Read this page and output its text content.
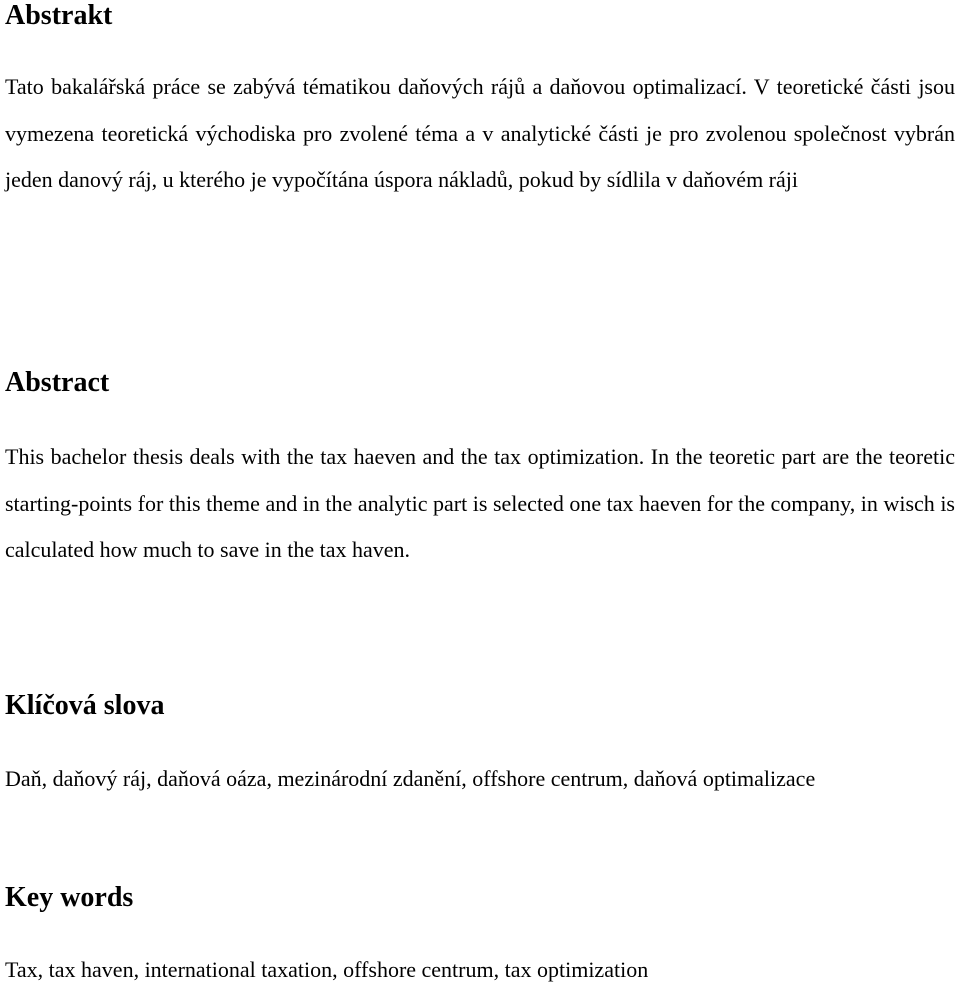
Abstrakt

Tato bakalářská práce se zabývá tématikou daňových rájů a daňovou optimalizací. V teoretické části jsou vymezena teoretická východiska pro zvolené téma a v analytické části je pro zvolenou společnost vybrán jeden danový ráj, u kterého je vypočítána úspora nákladů, pokud by sídlila v daňovém ráji

Abstract

This bachelor thesis deals with the tax haeven and the tax optimization. In the teoretic part are the teoretic starting-points for this theme and in the analytic part is selected one tax haeven for the company, in wisch is calculated how much to save in the tax haven.

Klíčová slova

Daň, daňový ráj, daňová oáza, mezinárodní zdanění, offshore centrum, daňová optimalizace

Key words

Tax, tax haven, international taxation, offshore centrum, tax optimization
